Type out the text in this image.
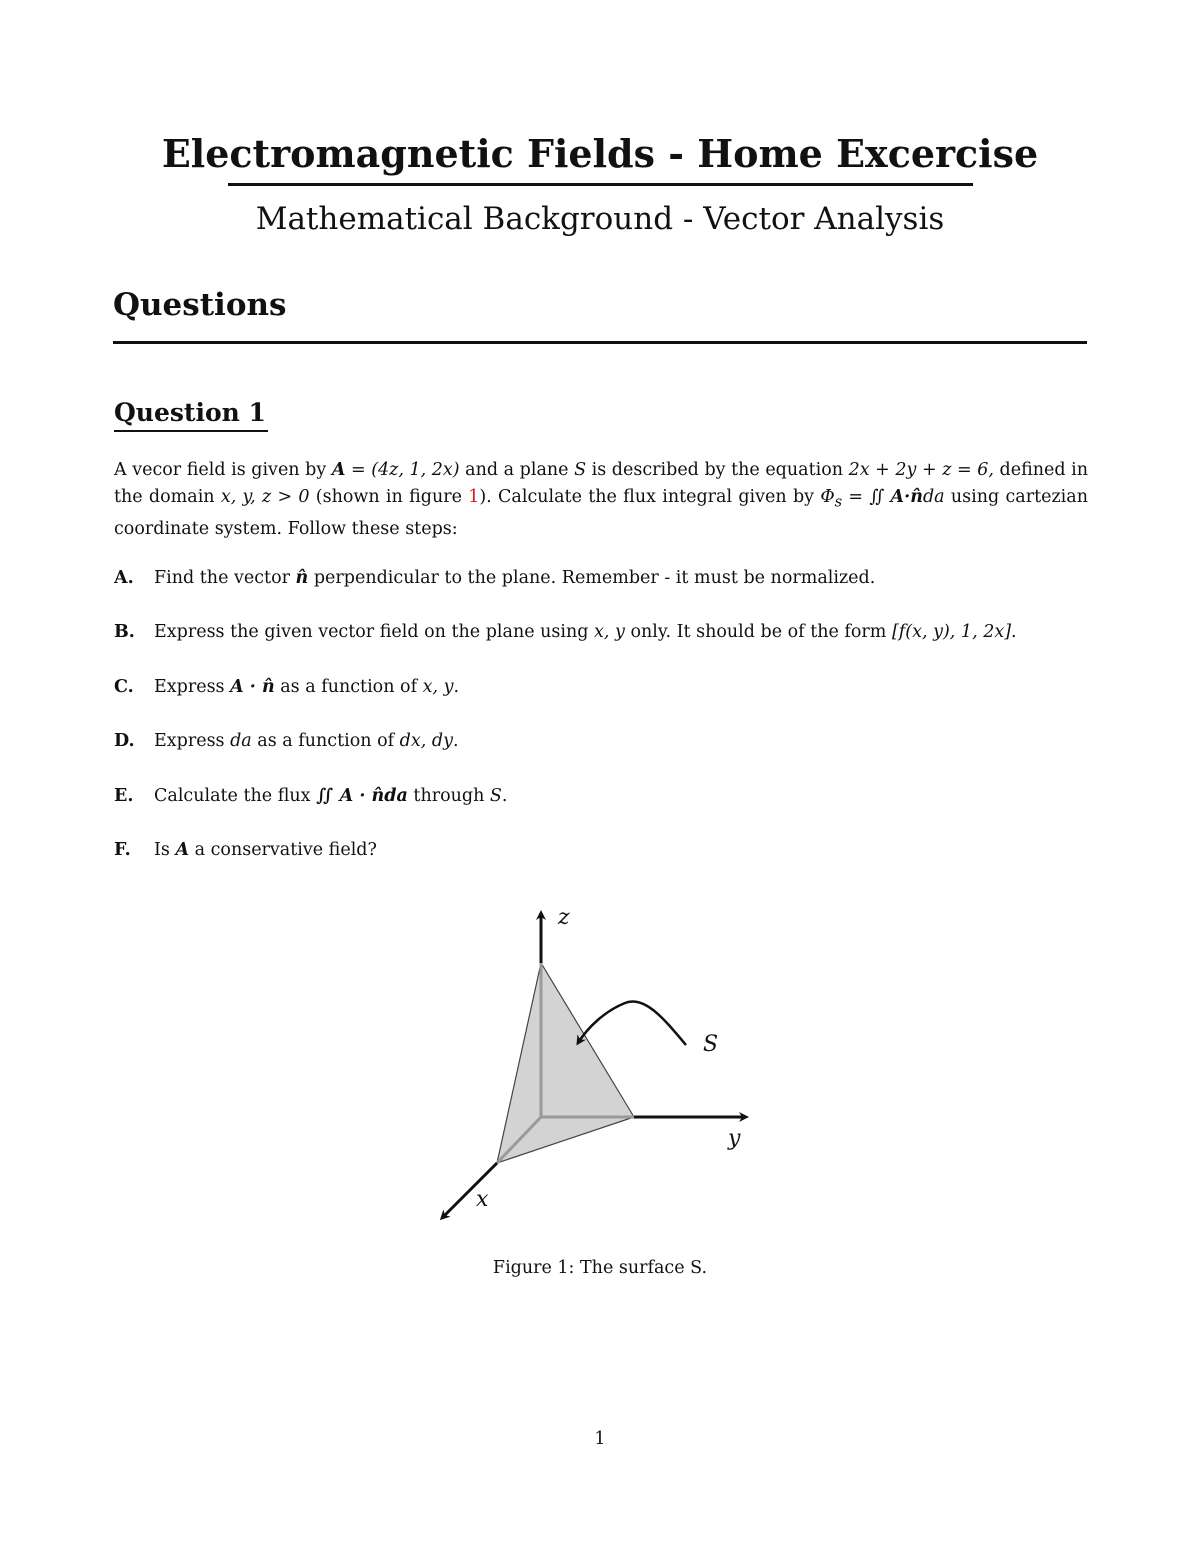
Electromagnetic Fields - Home Excercise
Mathematical Background - Vector Analysis
Questions
Question 1
A vecor field is given by A = (4z, 1, 2x) and a plane S is described by the equation 2x + 2y + z = 6, defined in the domain x, y, z > 0 (shown in figure 1). Calculate the flux integral given by $\Phi_s$ = ∬ A·n̂da using cartezian coordinate system. Follow these steps:
A. Find the vector n̂ perpendicular to the plane. Remember - it must be normalized.
B. Express the given vector field on the plane using x, y only. It should be of the form [f(x, y), 1, 2x].
C. Express A · n̂ as a function of x, y.
D. Express da as a function of dx, dy.
E. Calculate the flux ∬ A · n̂da through S.
F. Is A a conservative field?
z
y
x
S
Figure 1: The surface S.
1
